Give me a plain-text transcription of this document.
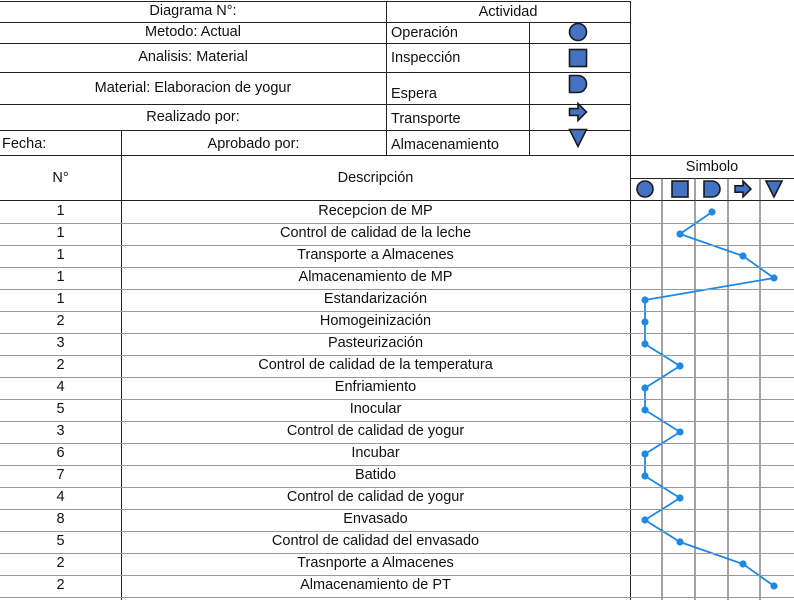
Diagrama N°:
Metodo: Actual
Analisis: Material
Material: Elaboracion de yogur
Realizado por:
Fecha:	Aprobado por:
Actividad
Operación
Inspección
Espera
Transporte
Almacenamiento
N°	Descripción
Simbolo
1	Recepcion de MP
1	Control de calidad de la leche
1	Transporte a Almacenes
1	Almacenamiento de MP
1	Estandarización
2	Homogeinización
3	Pasteurización
2	Control de calidad de la temperatura
4	Enfriamiento
5	Inocular
3	Control de calidad de yogur
6	Incubar
7	Batido
4	Control de calidad de yogur
8	Envasado
5	Control de calidad del envasado
2	Trasnporte a Almacenes
2	Almacenamiento de PT
